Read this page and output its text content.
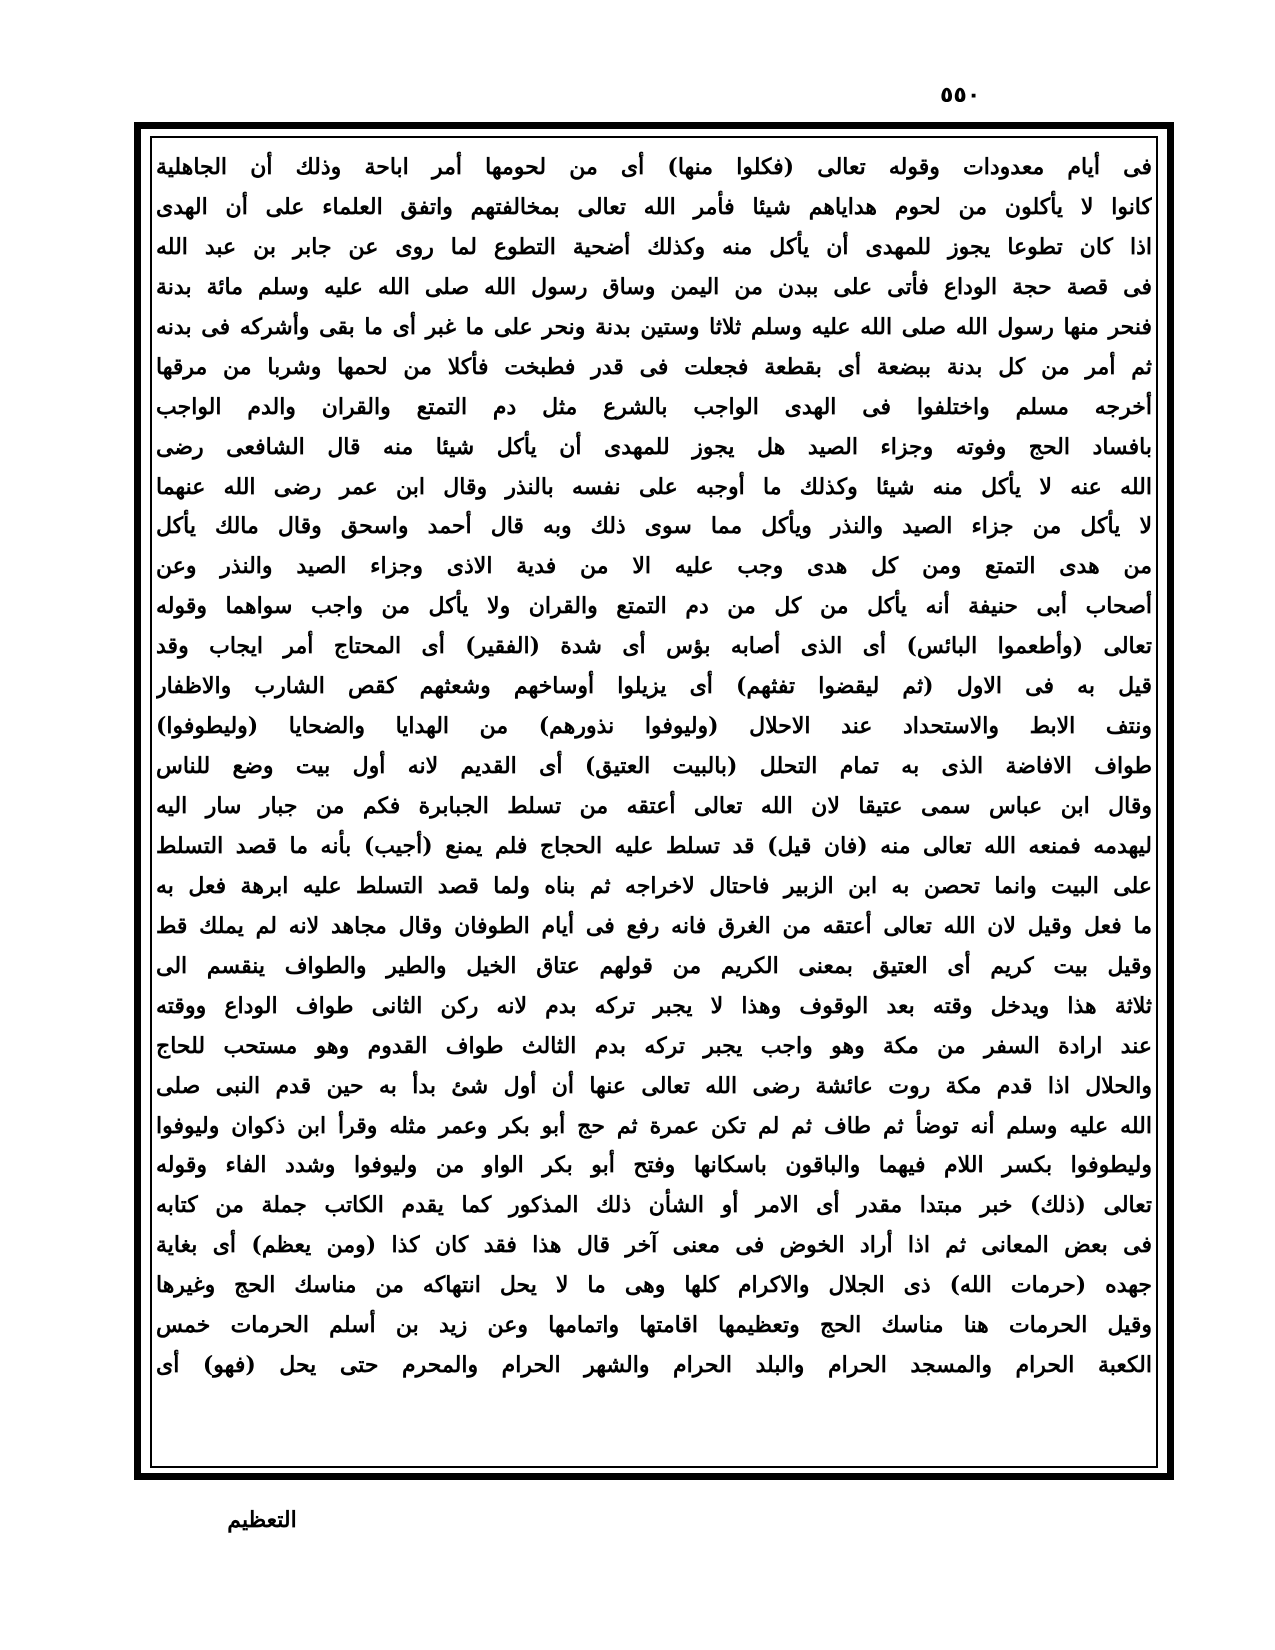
٥٥٠
فى أيام معدودات وقوله تعالى (فكلوا منها) أى من لحومها أمر اباحة وذلك أن الجاهلية
كانوا لا يأكلون من لحوم هداياهم شيئا فأمر الله تعالى بمخالفتهم واتفق العلماء على أن الهدى
اذا كان تطوعا يجوز للمهدى أن يأكل منه وكذلك أضحية التطوع لما روى عن جابر بن عبد الله
فى قصة حجة الوداع فأتى على ببدن من اليمن وساق رسول الله صلى الله عليه وسلم مائة بدنة
فنحر منها رسول الله صلى الله عليه وسلم ثلاثا وستين بدنة ونحر على ما غبر أى ما بقى وأشركه فى بدنه
ثم أمر من كل بدنة ببضعة أى بقطعة فجعلت فى قدر فطبخت فأكلا من لحمها وشربا من مرقها
أخرجه مسلم واختلفوا فى الهدى الواجب بالشرع مثل دم التمتع والقران والدم الواجب
بافساد الحج وفوته وجزاء الصيد هل يجوز للمهدى أن يأكل شيئا منه قال الشافعى رضى
الله عنه لا يأكل منه شيئا وكذلك ما أوجبه على نفسه بالنذر وقال ابن عمر رضى الله عنهما
لا يأكل من جزاء الصيد والنذر ويأكل مما سوى ذلك وبه قال أحمد واسحق وقال مالك يأكل
من هدى التمتع ومن كل هدى وجب عليه الا من فدية الاذى وجزاء الصيد والنذر وعن
أصحاب أبى حنيفة أنه يأكل من كل من دم التمتع والقران ولا يأكل من واجب سواهما وقوله
تعالى (وأطعموا البائس) أى الذى أصابه بؤس أى شدة (الفقير) أى المحتاج أمر ايجاب وقد
قيل به فى الاول (ثم ليقضوا تفثهم) أى يزيلوا أوساخهم وشعثهم كقص الشارب والاظفار
ونتف الابط والاستحداد عند الاحلال (وليوفوا نذورهم) من الهدايا والضحايا (وليطوفوا)
طواف الافاضة الذى به تمام التحلل (بالبيت العتيق) أى القديم لانه أول بيت وضع للناس
وقال ابن عباس سمى عتيقا لان الله تعالى أعتقه من تسلط الجبابرة فكم من جبار سار اليه
ليهدمه فمنعه الله تعالى منه (فان قيل) قد تسلط عليه الحجاج فلم يمنع (أجيب) بأنه ما قصد التسلط
على البيت وانما تحصن به ابن الزبير فاحتال لاخراجه ثم بناه ولما قصد التسلط عليه ابرهة فعل به
ما فعل وقيل لان الله تعالى أعتقه من الغرق فانه رفع فى أيام الطوفان وقال مجاهد لانه لم يملك قط
وقيل بيت كريم أى العتيق بمعنى الكريم من قولهم عتاق الخيل والطير والطواف ينقسم الى
ثلاثة هذا ويدخل وقته بعد الوقوف وهذا لا يجبر تركه بدم لانه ركن الثانى طواف الوداع ووقته
عند ارادة السفر من مكة وهو واجب يجبر تركه بدم الثالث طواف القدوم وهو مستحب للحاج
والحلال اذا قدم مكة روت عائشة رضى الله تعالى عنها أن أول شئ بدأ به حين قدم النبى صلى
الله عليه وسلم أنه توضأ ثم طاف ثم لم تكن عمرة ثم حج أبو بكر وعمر مثله وقرأ ابن ذكوان وليوفوا
وليطوفوا بكسر اللام فيهما والباقون باسكانها وفتح أبو بكر الواو من وليوفوا وشدد الفاء وقوله
تعالى (ذلك) خبر مبتدا مقدر أى الامر أو الشأن ذلك المذكور كما يقدم الكاتب جملة من كتابه
فى بعض المعانى ثم اذا أراد الخوض فى معنى آخر قال هذا فقد كان كذا (ومن يعظم) أى بغاية
جهده (حرمات الله) ذى الجلال والاكرام كلها وهى ما لا يحل انتهاكه من مناسك الحج وغيرها
وقيل الحرمات هنا مناسك الحج وتعظيمها اقامتها واتمامها وعن زيد بن أسلم الحرمات خمس
الكعبة الحرام والمسجد الحرام والبلد الحرام والشهر الحرام والمحرم حتى يحل (فهو) أى
التعظيم
